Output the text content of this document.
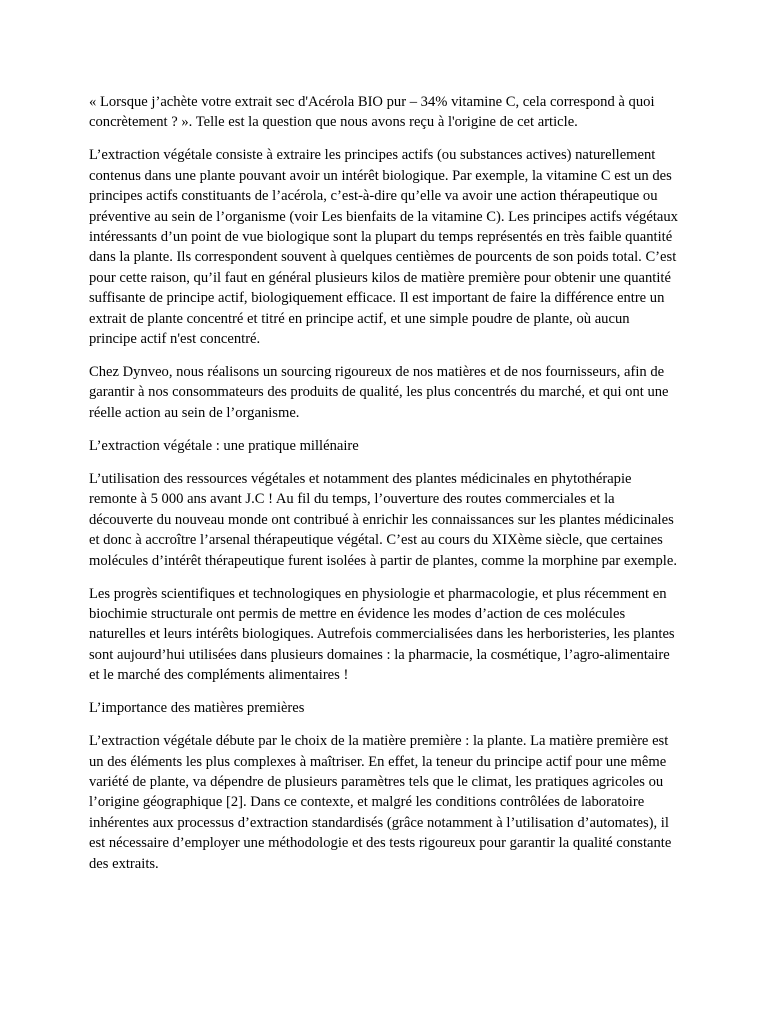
« Lorsque j’achète votre extrait sec d'Acérola BIO pur – 34% vitamine C, cela correspond à quoi concrètement ? ». Telle est la question que nous avons reçu à l'origine de cet article.

L’extraction végétale consiste à extraire les principes actifs (ou substances actives) naturellement contenus dans une plante pouvant avoir un intérêt biologique. Par exemple, la vitamine C est un des principes actifs constituants de l’acérola, c’est-à-dire qu’elle va avoir une action thérapeutique ou préventive au sein de l’organisme (voir Les bienfaits de la vitamine C). Les principes actifs végétaux intéressants d’un point de vue biologique sont la plupart du temps représentés en très faible quantité dans la plante. Ils correspondent souvent à quelques centièmes de pourcents de son poids total. C’est pour cette raison, qu’il faut en général plusieurs kilos de matière première pour obtenir une quantité suffisante de principe actif, biologiquement efficace. Il est important de faire la différence entre un extrait de plante concentré et titré en principe actif, et une simple poudre de plante, où aucun principe actif n'est concentré.

Chez Dynveo, nous réalisons un sourcing rigoureux de nos matières et de nos fournisseurs, afin de garantir à nos consommateurs des produits de qualité, les plus concentrés du marché, et qui ont une réelle action au sein de l’organisme.

L’extraction végétale : une pratique millénaire

L’utilisation des ressources végétales et notamment des plantes médicinales en phytothérapie remonte à 5 000 ans avant J.C ! Au fil du temps, l’ouverture des routes commerciales et la découverte du nouveau monde ont contribué à enrichir les connaissances sur les plantes médicinales et donc à accroître l’arsenal thérapeutique végétal. C’est au cours du XIXème siècle, que certaines molécules d’intérêt thérapeutique furent isolées à partir de plantes, comme la morphine par exemple.

Les progrès scientifiques et technologiques en physiologie et pharmacologie, et plus récemment en biochimie structurale ont permis de mettre en évidence les modes d’action de ces molécules naturelles et leurs intérêts biologiques. Autrefois commercialisées dans les herboristeries, les plantes sont aujourd’hui utilisées dans plusieurs domaines : la pharmacie, la cosmétique, l’agro-alimentaire et le marché des compléments alimentaires !

L’importance des matières premières

L’extraction végétale débute par le choix de la matière première : la plante. La matière première est un des éléments les plus complexes à maîtriser. En effet, la teneur du principe actif pour une même variété de plante, va dépendre de plusieurs paramètres tels que le climat, les pratiques agricoles ou l’origine géographique [2]. Dans ce contexte, et malgré les conditions contrôlées de laboratoire inhérentes aux processus d’extraction standardisés (grâce notamment à l’utilisation d’automates), il est nécessaire d’employer une méthodologie et des tests rigoureux pour garantir la qualité constante des extraits.
